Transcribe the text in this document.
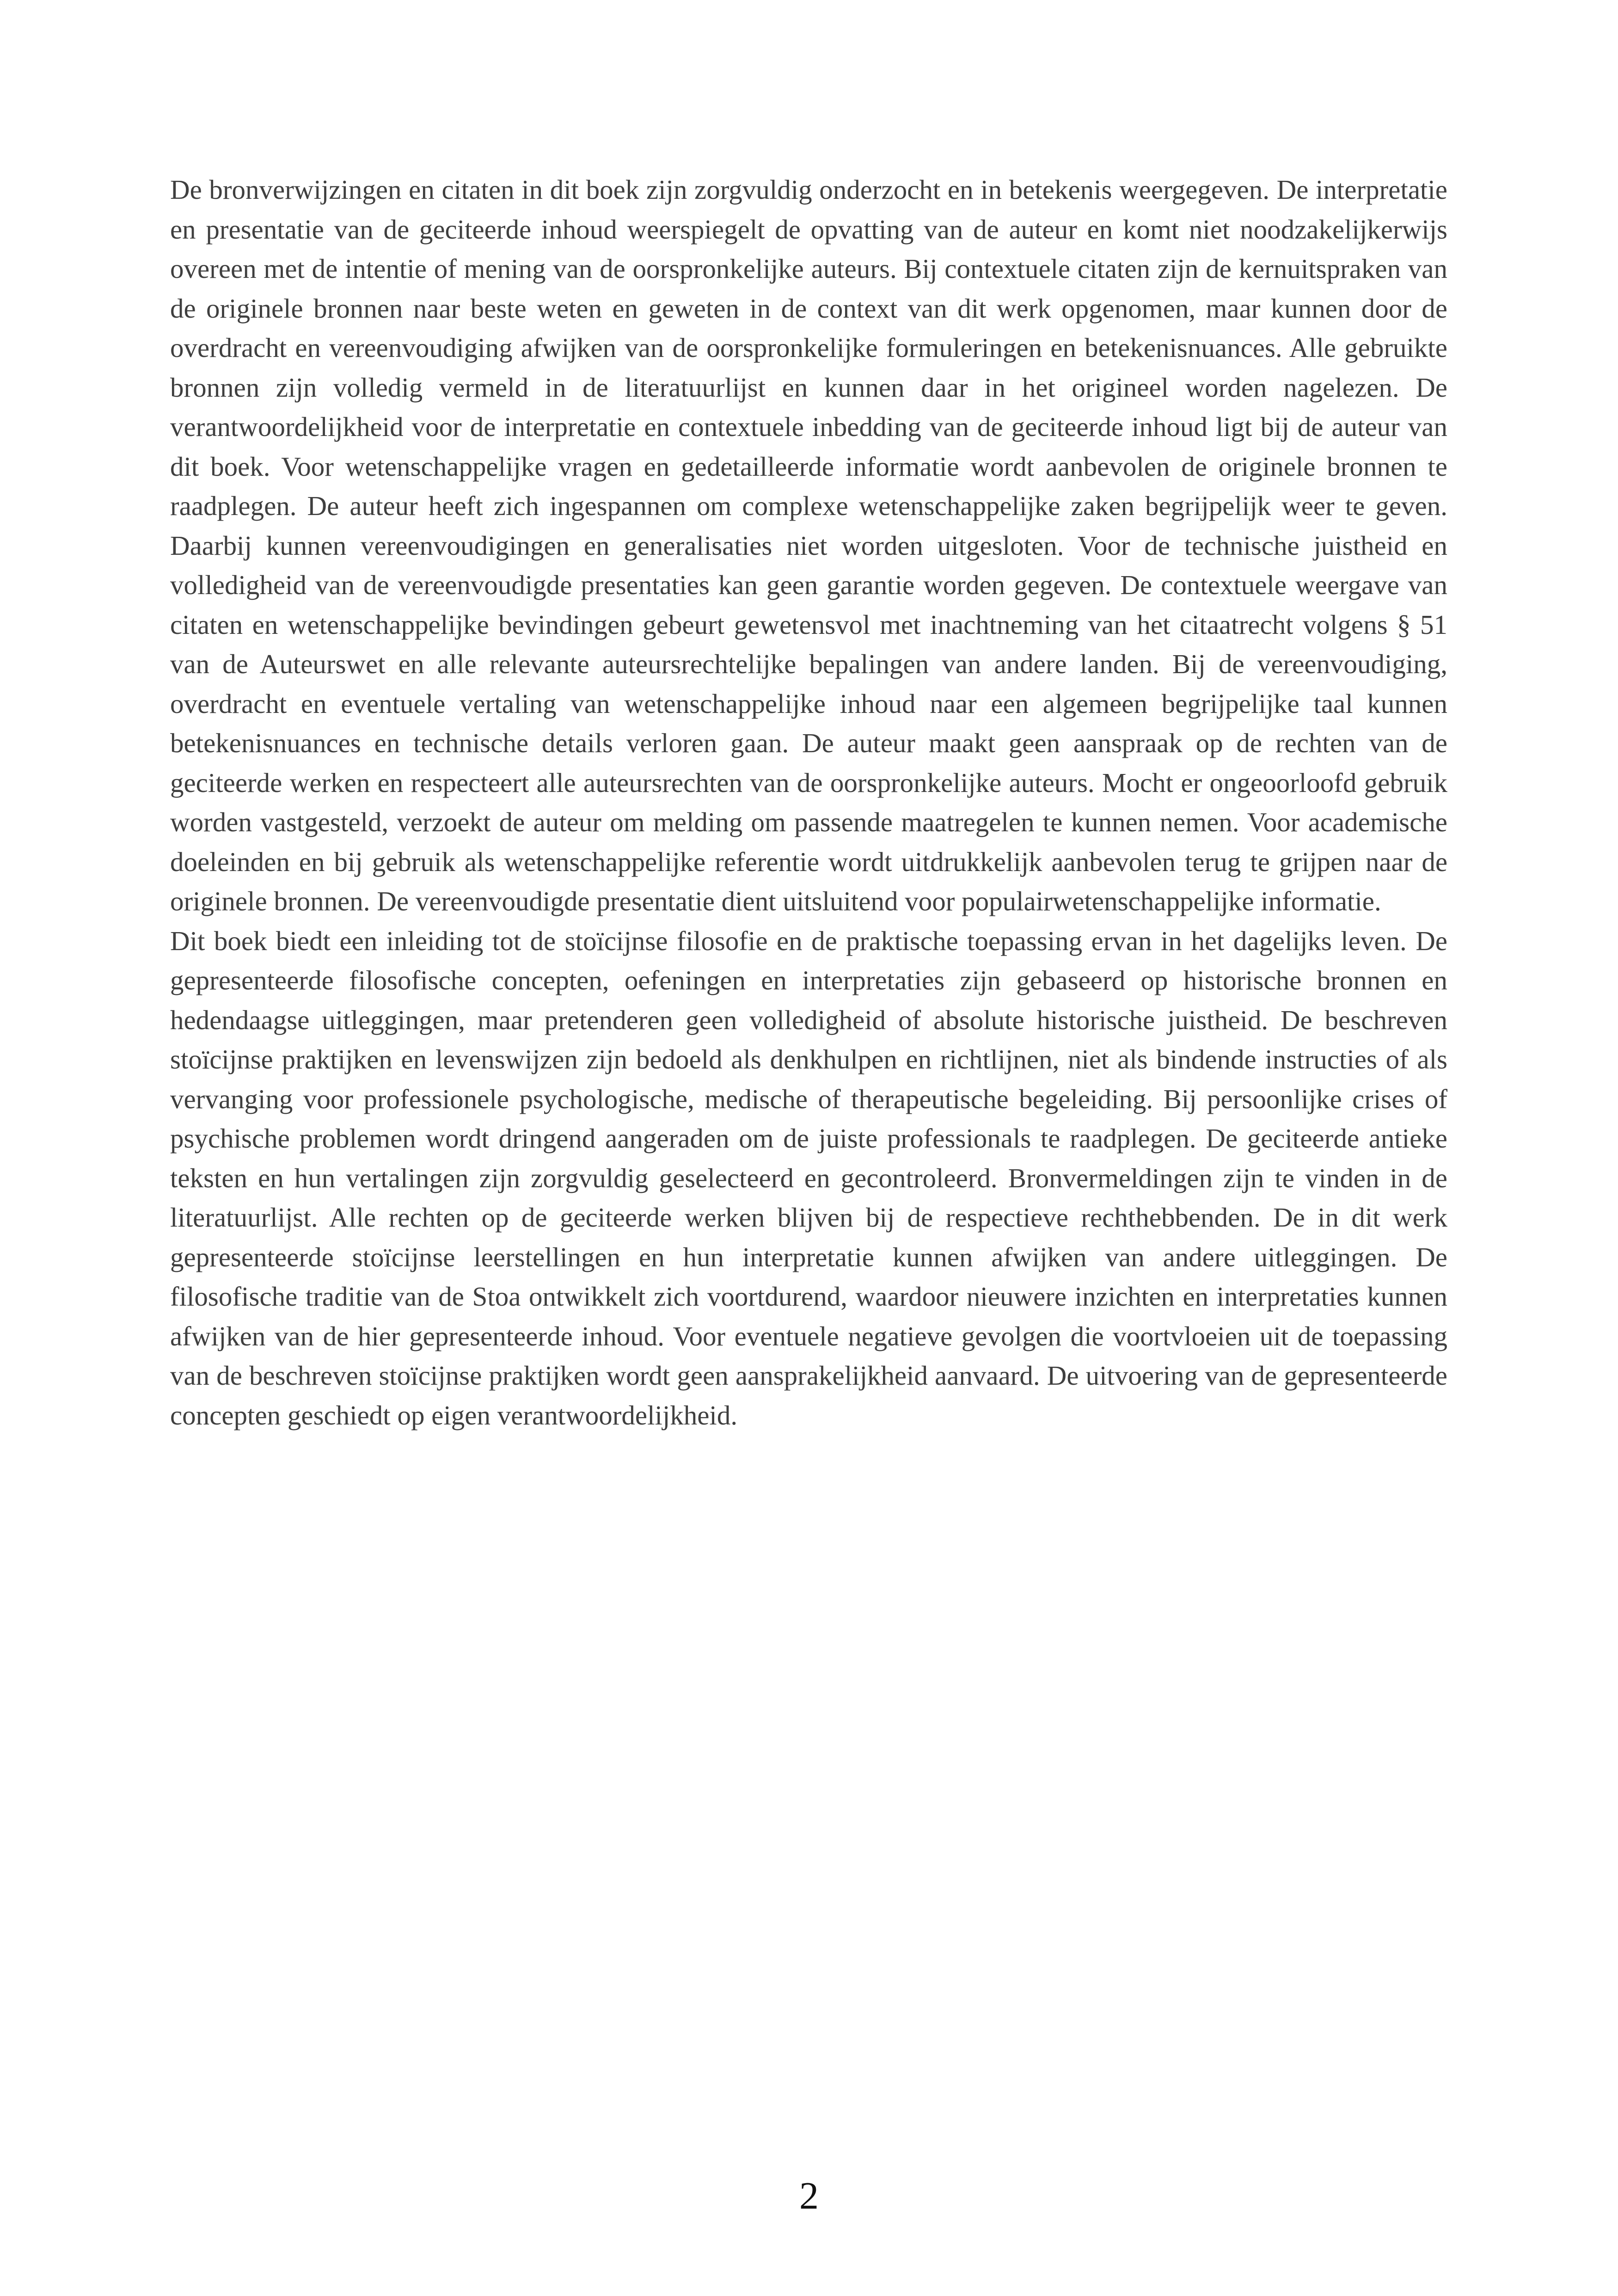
De bronverwijzingen en citaten in dit boek zijn zorgvuldig onderzocht en in betekenis weergegeven. De interpretatie en presentatie van de geciteerde inhoud weerspiegelt de opvatting van de auteur en komt niet noodzakelijkerwijs overeen met de intentie of mening van de oorspronkelijke auteurs. Bij contextuele citaten zijn de kernuitspraken van de originele bronnen naar beste weten en geweten in de context van dit werk opgenomen, maar kunnen door de overdracht en vereenvoudiging afwijken van de oorspronkelijke formuleringen en betekenisnuances. Alle gebruikte bronnen zijn volledig vermeld in de literatuurlijst en kunnen daar in het origineel worden nagelezen. De verantwoordelijkheid voor de interpretatie en contextuele inbedding van de geciteerde inhoud ligt bij de auteur van dit boek. Voor wetenschappelijke vragen en gedetailleerde informatie wordt aanbevolen de originele bronnen te raadplegen. De auteur heeft zich ingespannen om complexe wetenschappelijke zaken begrijpelijk weer te geven. Daarbij kunnen vereenvoudigingen en generalisaties niet worden uitgesloten. Voor de technische juistheid en volledigheid van de vereenvoudigde presentaties kan geen garantie worden gegeven. De contextuele weergave van citaten en wetenschappelijke bevindingen gebeurt gewetensvol met inachtneming van het citaatrecht volgens § 51 van de Auteurswet en alle relevante auteursrechtelijke bepalingen van andere landen. Bij de vereenvoudiging, overdracht en eventuele vertaling van wetenschappelijke inhoud naar een algemeen begrijpelijke taal kunnen betekenisnuances en technische details verloren gaan. De auteur maakt geen aanspraak op de rechten van de geciteerde werken en respecteert alle auteursrechten van de oorspronkelijke auteurs. Mocht er ongeoorloofd gebruik worden vastgesteld, verzoekt de auteur om melding om passende maatregelen te kunnen nemen. Voor academische doeleinden en bij gebruik als wetenschappelijke referentie wordt uitdrukkelijk aanbevolen terug te grijpen naar de originele bronnen. De vereenvoudigde presentatie dient uitsluitend voor populairwetenschappelijke informatie.

Dit boek biedt een inleiding tot de stoïcijnse filosofie en de praktische toepassing ervan in het dagelijks leven. De gepresenteerde filosofische concepten, oefeningen en interpretaties zijn gebaseerd op historische bronnen en hedendaagse uitleggingen, maar pretenderen geen volledigheid of absolute historische juistheid. De beschreven stoïcijnse praktijken en levenswijzen zijn bedoeld als denkhulpen en richtlijnen, niet als bindende instructies of als vervanging voor professionele psychologische, medische of therapeutische begeleiding. Bij persoonlijke crises of psychische problemen wordt dringend aangeraden om de juiste professionals te raadplegen. De geciteerde antieke teksten en hun vertalingen zijn zorgvuldig geselecteerd en gecontroleerd. Bronvermeldingen zijn te vinden in de literatuurlijst. Alle rechten op de geciteerde werken blijven bij de respectieve rechthebbenden. De in dit werk gepresenteerde stoïcijnse leerstellingen en hun interpretatie kunnen afwijken van andere uitleggingen. De filosofische traditie van de Stoa ontwikkelt zich voortdurend, waardoor nieuwere inzichten en interpretaties kunnen afwijken van de hier gepresenteerde inhoud. Voor eventuele negatieve gevolgen die voortvloeien uit de toepassing van de beschreven stoïcijnse praktijken wordt geen aansprakelijkheid aanvaard. De uitvoering van de gepresenteerde concepten geschiedt op eigen verantwoordelijkheid.

2
